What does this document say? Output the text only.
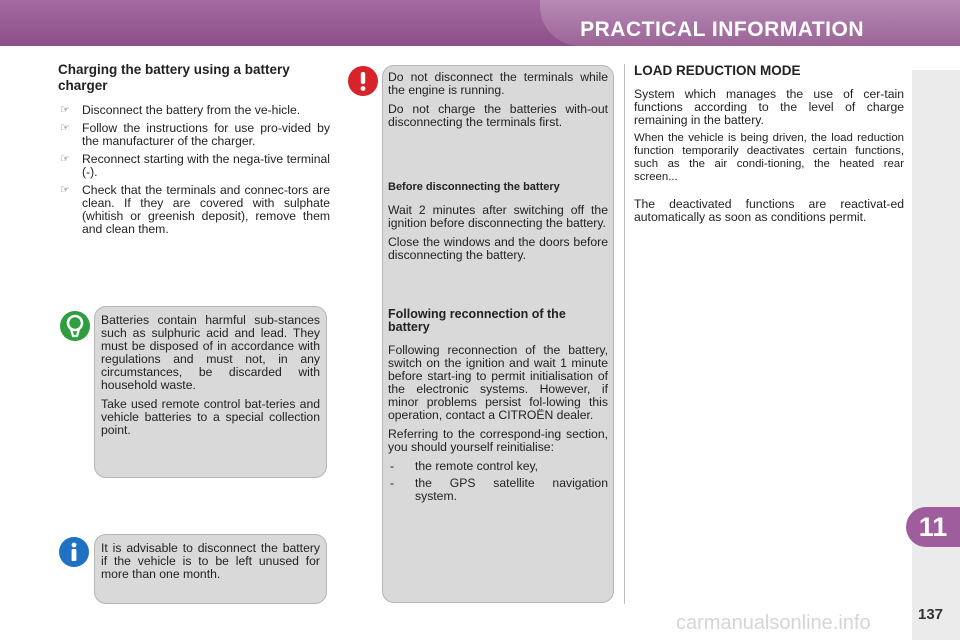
PRACTICAL INFORMATION
11
137
carmanualsonline.info
Charging the battery using a battery charger
☞ Disconnect the battery from the ve-hicle.
☞ Follow the instructions for use pro-vided by the manufacturer of the charger.
☞ Reconnect starting with the nega-tive terminal (-).
☞ Check that the terminals and connec-tors are clean. If they are covered with sulphate (whitish or greenish deposit), remove them and clean them.

Batteries contain harmful sub-stances such as sulphuric acid and lead. They must be disposed of in accordance with regulations and must not, in any circumstances, be discarded with household waste.

Take used remote control bat-teries and vehicle batteries to a special collection point.

It is advisable to disconnect the battery if the vehicle is to be left unused for more than one month.

Do not disconnect the terminals while the engine is running.

Do not charge the batteries with-out disconnecting the terminals first.

Before disconnecting the battery

Wait 2 minutes after switching off the ignition before disconnecting the battery.

Close the windows and the doors before disconnecting the battery.

Following reconnection of the battery

Following reconnection of the battery, switch on the ignition and wait 1 minute before start-ing to permit initialisation of the electronic systems. However, if minor problems persist fol-lowing this operation, contact a CITROËN dealer.

Referring to the correspond-ing section, you should yourself reinitialise:

- the remote control key,
- the GPS satellite navigation system.
LOAD REDUCTION MODE

System which manages the use of cer-tain functions according to the level of charge remaining in the battery.

When the vehicle is being driven, the load reduction function temporarily deactivates certain functions, such as the air condi-tioning, the heated rear screen...

The deactivated functions are reactivat-ed automatically as soon as conditions permit.
